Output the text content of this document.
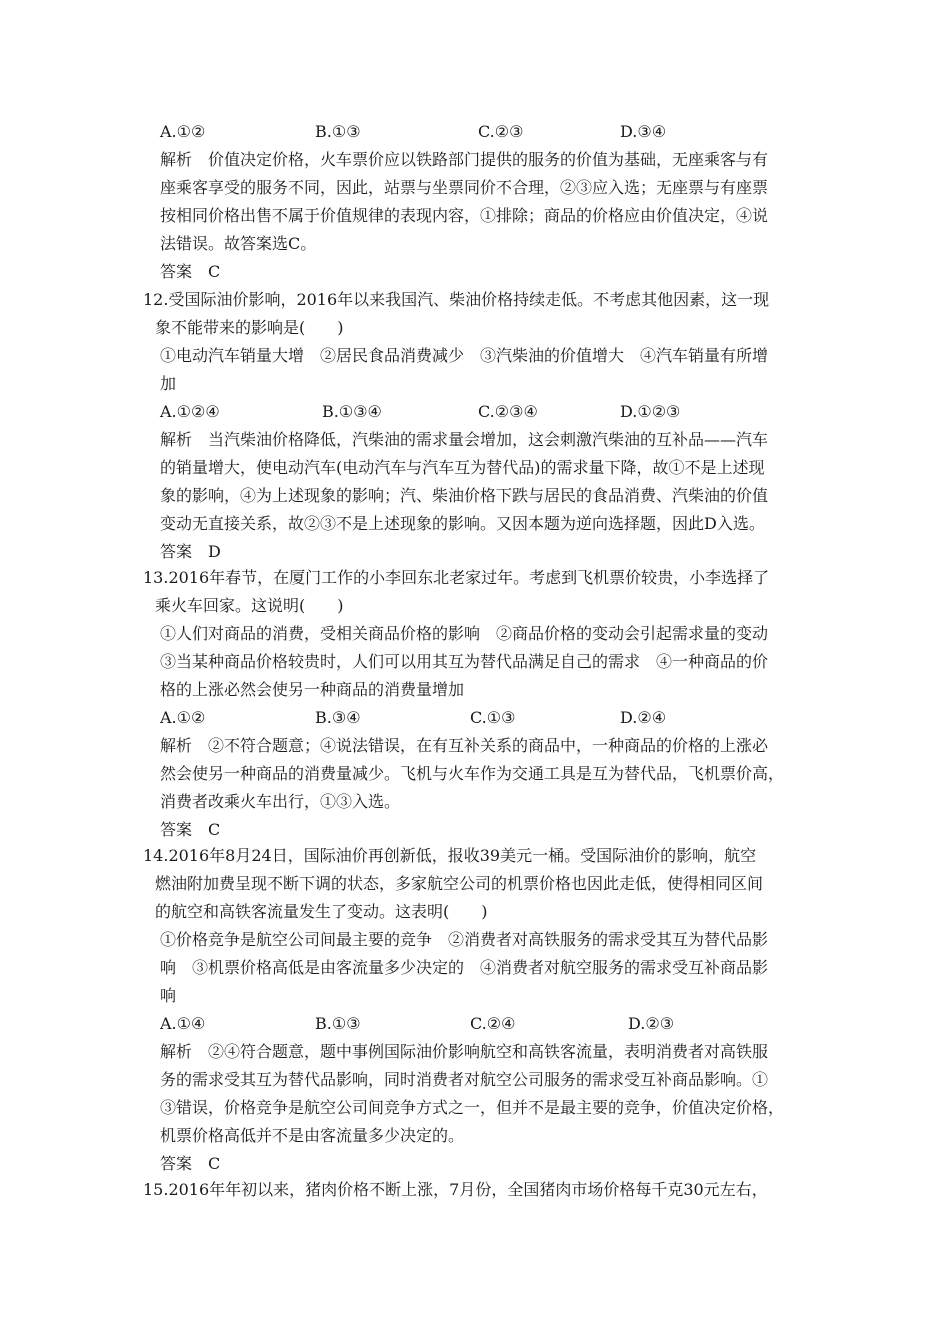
A.①②	B.①③	C.②③	D.③④
解析　价值决定价格，火车票价应以铁路部门提供的服务的价值为基础，无座乘客与有
座乘客享受的服务不同，因此，站票与坐票同价不合理，②③应入选；无座票与有座票
按相同价格出售不属于价值规律的表现内容，①排除；商品的价格应由价值决定，④说
法错误。故答案选C。
答案　C
12.受国际油价影响，2016年以来我国汽、柴油价格持续走低。不考虑其他因素，这一现
象不能带来的影响是(　　)
①电动汽车销量大增　②居民食品消费减少　③汽柴油的价值增大　④汽车销量有所增
加
A.①②④	B.①③④	C.②③④	D.①②③
解析　当汽柴油价格降低，汽柴油的需求量会增加，这会刺激汽柴油的互补品——汽车
的销量增大，使电动汽车(电动汽车与汽车互为替代品)的需求量下降，故①不是上述现
象的影响，④为上述现象的影响；汽、柴油价格下跌与居民的食品消费、汽柴油的价值
变动无直接关系，故②③不是上述现象的影响。又因本题为逆向选择题，因此D入选。
答案　D
13.2016年春节，在厦门工作的小李回东北老家过年。考虑到飞机票价较贵，小李选择了
乘火车回家。这说明(　　)
①人们对商品的消费，受相关商品价格的影响　②商品价格的变动会引起需求量的变动
③当某种商品价格较贵时，人们可以用其互为替代品满足自己的需求　④一种商品的价
格的上涨必然会使另一种商品的消费量增加
A.①②	B.③④	C.①③	D.②④
解析　②不符合题意；④说法错误，在有互补关系的商品中，一种商品的价格的上涨必
然会使另一种商品的消费量减少。飞机与火车作为交通工具是互为替代品，飞机票价高，
消费者改乘火车出行，①③入选。
答案　C
14.2016年8月24日，国际油价再创新低，报收39美元一桶。受国际油价的影响，航空
燃油附加费呈现不断下调的状态，多家航空公司的机票价格也因此走低，使得相同区间
的航空和高铁客流量发生了变动。这表明(　　)
①价格竞争是航空公司间最主要的竞争　②消费者对高铁服务的需求受其互为替代品影
响　③机票价格高低是由客流量多少决定的　④消费者对航空服务的需求受互补商品影
响
A.①④	B.①③	C.②④	D.②③
解析　②④符合题意，题中事例国际油价影响航空和高铁客流量，表明消费者对高铁服
务的需求受其互为替代品影响，同时消费者对航空公司服务的需求受互补商品影响。①
③错误，价格竞争是航空公司间竞争方式之一，但并不是最主要的竞争，价值决定价格，
机票价格高低并不是由客流量多少决定的。
答案　C
15.2016年年初以来，猪肉价格不断上涨，7月份，全国猪肉市场价格每千克30元左右，
